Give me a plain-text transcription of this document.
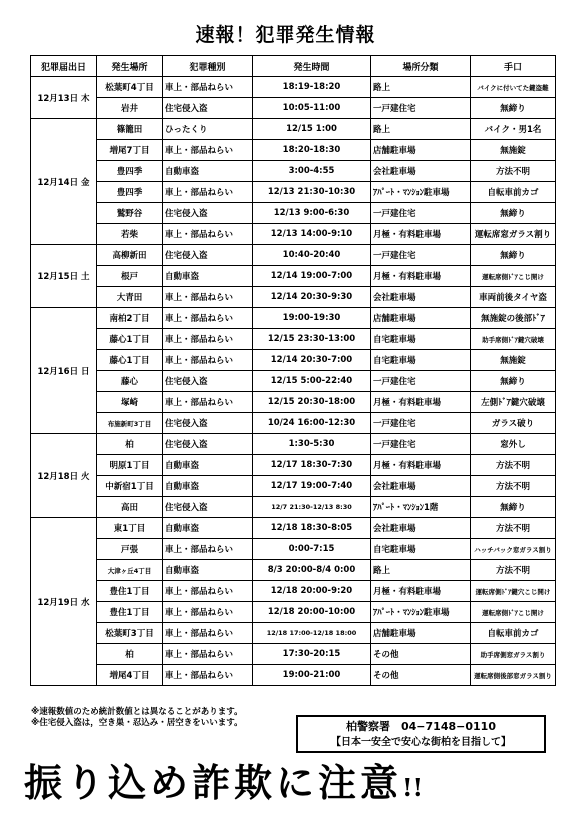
速報！犯罪発生情報
犯罪届出日	発生場所	犯罪種別	発生時間	場所分類	手口
12月13日 木	松葉町4丁目	車上・部品ねらい	18:19-18:20	路上	バイクに付いてた鍵盗難
	岩井	住宅侵入盗	10:05-11:00	一戸建住宅	無締り
12月14日 金	篠籠田	ひったくり	12/15 1:00	路上	バイク・男1名
	増尾7丁目	車上・部品ねらい	18:20-18:30	店舗駐車場	無施錠
	豊四季	自動車盗	3:00-4:55	会社駐車場	方法不明
	豊四季	車上・部品ねらい	12/13 21:30-10:30	ｱﾊﾟｰﾄ・ﾏﾝｼｮﾝ駐車場	自転車前カゴ
	鷲野谷	住宅侵入盗	12/13 9:00-6:30	一戸建住宅	無締り
	若柴	車上・部品ねらい	12/13 14:00-9:10	月極・有料駐車場	運転席窓ガラス割り
12月15日 土	高柳新田	住宅侵入盗	10:40-20:40	一戸建住宅	無締り
	根戸	自動車盗	12/14 19:00-7:00	月極・有料駐車場	運転席側ﾄﾞｱこじ開け
	大青田	車上・部品ねらい	12/14 20:30-9:30	会社駐車場	車両前後タイヤ盗
12月16日 日	南柏2丁目	車上・部品ねらい	19:00-19:30	店舗駐車場	無施錠の後部ﾄﾞｱ
	藤心1丁目	車上・部品ねらい	12/15 23:30-13:00	自宅駐車場	助手席側ﾄﾞｱ鍵穴破壊
	藤心1丁目	車上・部品ねらい	12/14 20:30-7:00	自宅駐車場	無施錠
	藤心	住宅侵入盗	12/15 5:00-22:40	一戸建住宅	無締り
	塚崎	車上・部品ねらい	12/15 20:30-18:00	月極・有料駐車場	左側ﾄﾞｱ鍵穴破壊
	布施新町3丁目	住宅侵入盗	10/24 16:00-12:30	一戸建住宅	ガラス破り
12月18日 火	柏	住宅侵入盗	1:30-5:30	一戸建住宅	窓外し
	明原1丁目	自動車盗	12/17 18:30-7:30	月極・有料駐車場	方法不明
	中新宿1丁目	自動車盗	12/17 19:00-7:40	会社駐車場	方法不明
	高田	住宅侵入盗	12/7 21:30-12/13 8:30	ｱﾊﾟｰﾄ・ﾏﾝｼｮﾝ1階	無締り
12月19日 水	東1丁目	自動車盗	12/18 18:30-8:05	会社駐車場	方法不明
	戸張	車上・部品ねらい	0:00-7:15	自宅駐車場	ハッチバック窓ガラス割り
	大津ヶ丘4丁目	自動車盗	8/3 20:00-8/4 0:00	路上	方法不明
	豊住1丁目	車上・部品ねらい	12/18 20:00-9:20	月極・有料駐車場	運転席側ﾄﾞｱ鍵穴こじ開け
	豊住1丁目	車上・部品ねらい	12/18 20:00-10:00	ｱﾊﾟｰﾄ・ﾏﾝｼｮﾝ駐車場	運転席側ﾄﾞｱこじ開け
	松葉町3丁目	車上・部品ねらい	12/18 17:00-12/18 18:00	店舗駐車場	自転車前カゴ
	柏	車上・部品ねらい	17:30-20:15	その他	助手席側窓ガラス割り
	増尾4丁目	車上・部品ねらい	19:00-21:00	その他	運転席側後部窓ガラス割り
※速報数値のため統計数値とは異なることがあります。
※住宅侵入盗は，空き巣・忍込み・居空きをいいます。	柏警察署　04−7148−0110
【日本一安全で安心な街柏を目指して】
振り込め詐欺に注意!!
